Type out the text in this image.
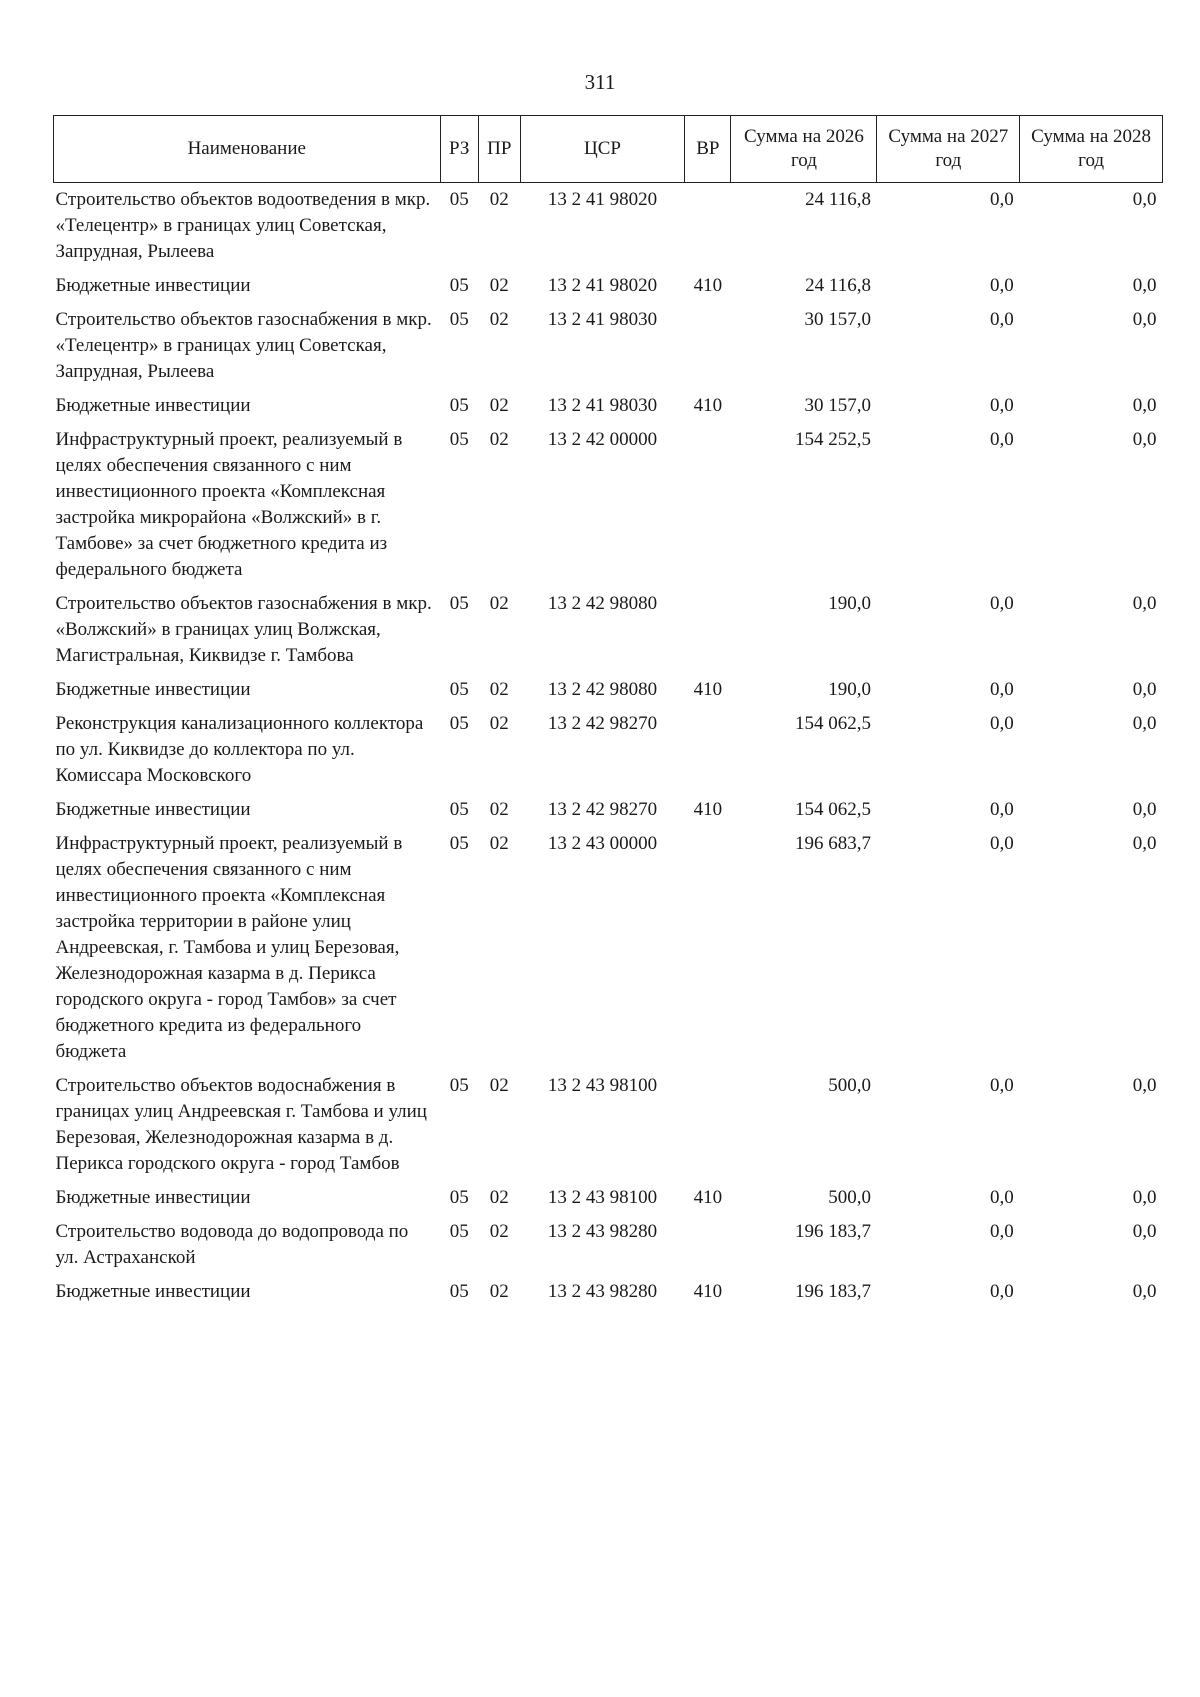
311
Наименование	РЗ	ПР	ЦСР	ВР	Сумма на 2026 год	Сумма на 2027 год	Сумма на 2028 год
Строительство объектов водоотведения в мкр. «Телецентр» в границах улиц Советская, Запрудная, Рылеева	05	02	13 2 41 98020		24 116,8	0,0	0,0
Бюджетные инвестиции	05	02	13 2 41 98020	410	24 116,8	0,0	0,0
Строительство объектов газоснабжения в мкр. «Телецентр» в границах улиц Советская, Запрудная, Рылеева	05	02	13 2 41 98030		30 157,0	0,0	0,0
Бюджетные инвестиции	05	02	13 2 41 98030	410	30 157,0	0,0	0,0
Инфраструктурный проект, реализуемый в целях обеспечения связанного с ним инвестиционного проекта «Комплексная застройка микрорайона «Волжский» в г. Тамбове» за счет бюджетного кредита из федерального бюджета	05	02	13 2 42 00000		154 252,5	0,0	0,0
Строительство объектов газоснабжения в мкр. «Волжский» в границах улиц Волжская, Магистральная, Киквидзе г. Тамбова	05	02	13 2 42 98080		190,0	0,0	0,0
Бюджетные инвестиции	05	02	13 2 42 98080	410	190,0	0,0	0,0
Реконструкция канализационного коллектора по ул. Киквидзе до коллектора по ул. Комиссара Московского	05	02	13 2 42 98270		154 062,5	0,0	0,0
Бюджетные инвестиции	05	02	13 2 42 98270	410	154 062,5	0,0	0,0
Инфраструктурный проект, реализуемый в целях обеспечения связанного с ним инвестиционного проекта «Комплексная застройка территории в районе улиц Андреевская, г. Тамбова и улиц Березовая, Железнодорожная казарма в д. Перикса городского округа - город Тамбов» за счет бюджетного кредита из федерального бюджета	05	02	13 2 43 00000		196 683,7	0,0	0,0
Строительство объектов водоснабжения в границах улиц Андреевская г. Тамбова и улиц Березовая, Железнодорожная казарма в д. Перикса городского округа - город Тамбов	05	02	13 2 43 98100		500,0	0,0	0,0
Бюджетные инвестиции	05	02	13 2 43 98100	410	500,0	0,0	0,0
Строительство водовода до водопровода по ул. Астраханской	05	02	13 2 43 98280		196 183,7	0,0	0,0
Бюджетные инвестиции	05	02	13 2 43 98280	410	196 183,7	0,0	0,0
